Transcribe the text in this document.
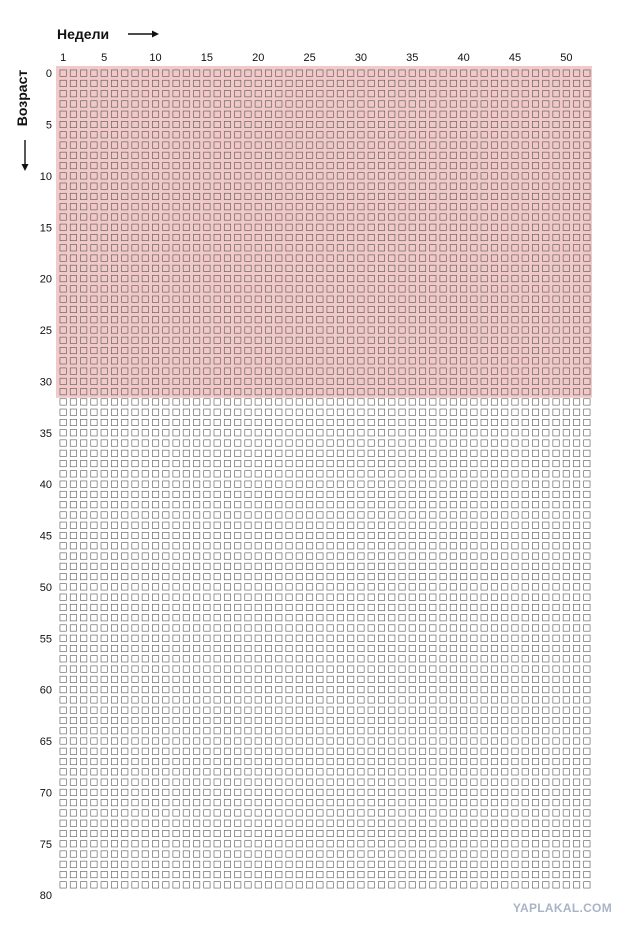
Недели
1	5	10	15	20	25	30	35	40	45	50
Возраст 0
5
10
15
20
25
30
35
40
45
50
55
60
65
70
75
80
YAPLAKAL.COM
